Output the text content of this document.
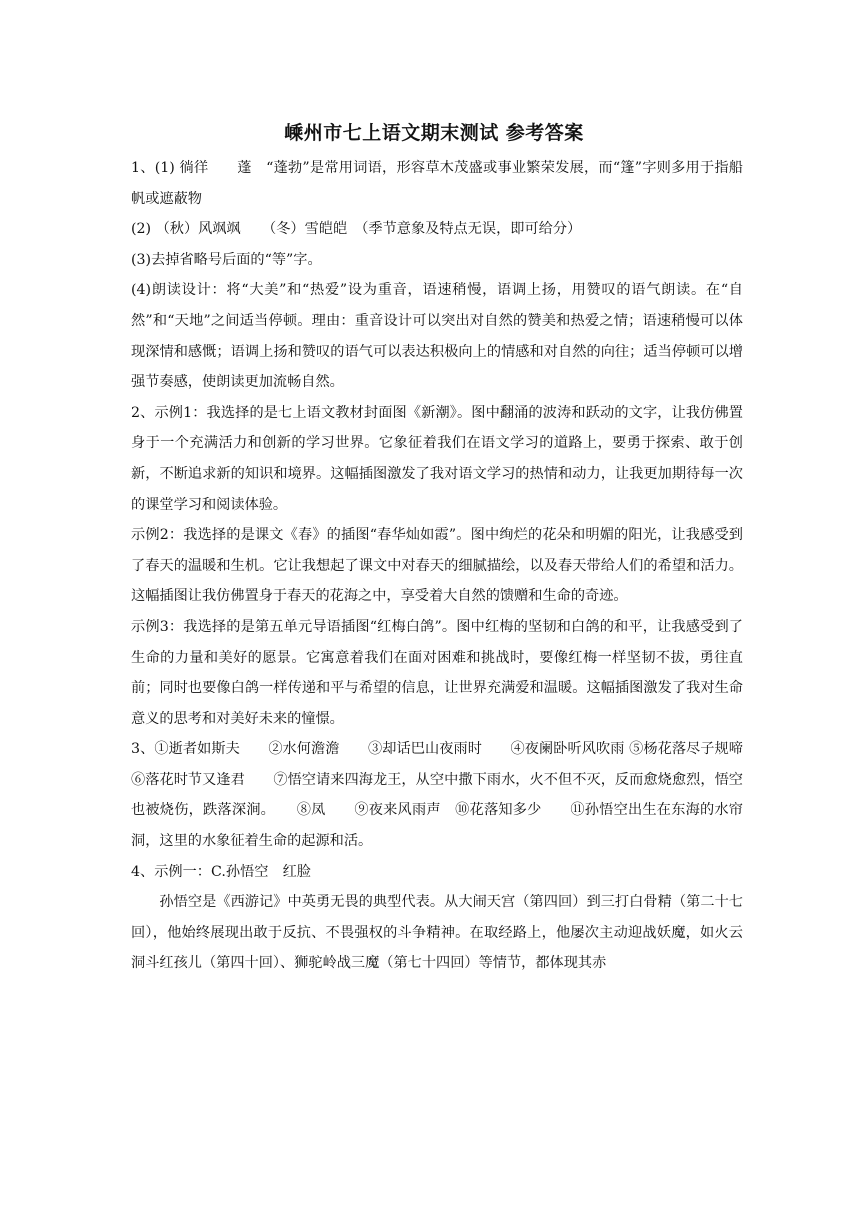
嵊州市七上语文期末测试 参考答案

1、(1) 徜徉　　蓬　“蓬勃”是常用词语，形容草木茂盛或事业繁荣发展，而“篷”字则多用于指船帆或遮蔽物

(2) （秋）风飒飒　　（冬）雪皑皑　（季节意象及特点无误，即可给分）

(3)去掉省略号后面的“等”字。

(4)朗读设计：将“大美”和“热爱”设为重音，语速稍慢，语调上扬，用赞叹的语气朗读。在“自然”和“天地”之间适当停顿。理由：重音设计可以突出对自然的赞美和热爱之情；语速稍慢可以体现深情和感慨；语调上扬和赞叹的语气可以表达积极向上的情感和对自然的向往；适当停顿可以增强节奏感，使朗读更加流畅自然。

2、示例1：我选择的是七上语文教材封面图《新潮》。图中翻涌的波涛和跃动的文字，让我仿佛置身于一个充满活力和创新的学习世界。它象征着我们在语文学习的道路上，要勇于探索、敢于创新，不断追求新的知识和境界。这幅插图激发了我对语文学习的热情和动力，让我更加期待每一次的课堂学习和阅读体验。

示例2：我选择的是课文《春》的插图“春华灿如霞”。图中绚烂的花朵和明媚的阳光，让我感受到了春天的温暖和生机。它让我想起了课文中对春天的细腻描绘，以及春天带给人们的希望和活力。这幅插图让我仿佛置身于春天的花海之中，享受着大自然的馈赠和生命的奇迹。

示例3：我选择的是第五单元导语插图“红梅白鸽”。图中红梅的坚韧和白鸽的和平，让我感受到了生命的力量和美好的愿景。它寓意着我们在面对困难和挑战时，要像红梅一样坚韧不拔，勇往直前；同时也要像白鸽一样传递和平与希望的信息，让世界充满爱和温暖。这幅插图激发了我对生命意义的思考和对美好未来的憧憬。

3、①逝者如斯夫　　②水何澹澹　　③却话巴山夜雨时　　④夜阑卧听风吹雨 ⑤杨花落尽子规啼　　⑥落花时节又逢君　　⑦悟空请来四海龙王，从空中撒下雨水，火不但不灭，反而愈烧愈烈，悟空也被烧伤，跌落深涧。　　⑧凤　　⑨夜来风雨声　⑩花落知多少　　⑪孙悟空出生在东海的水帘洞，这里的水象征着生命的起源和活。

4、示例一：C.孙悟空　红脸

孙悟空是《西游记》中英勇无畏的典型代表。从大闹天宫（第四回）到三打白骨精（第二十七回），他始终展现出敢于反抗、不畏强权的斗争精神。在取经路上，他屡次主动迎战妖魔，如火云洞斗红孩儿（第四十回）、狮驼岭战三魔（第七十四回）等情节，都体现其赤
